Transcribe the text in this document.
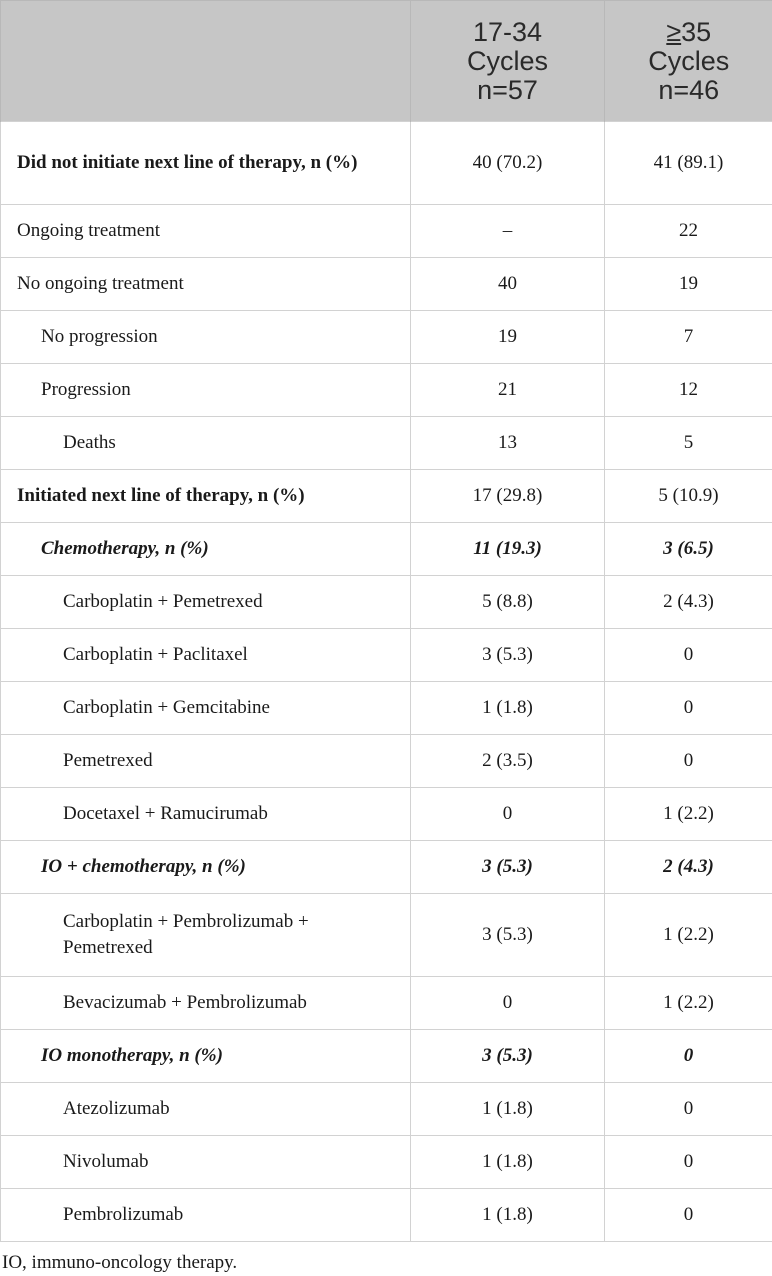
	17-34
Cycles
n=57	≥35
Cycles
n=46

Did not initiate next line of therapy, n (%)	40 (70.2)	41 (89.1)
Ongoing treatment	–	22
No ongoing treatment	40	19
No progression	19	7
Progression	21	12
Deaths	13	5
Initiated next line of therapy, n (%)	17 (29.8)	5 (10.9)
Chemotherapy, n (%)	11 (19.3)	3 (6.5)
Carboplatin + Pemetrexed	5 (8.8)	2 (4.3)
Carboplatin + Paclitaxel	3 (5.3)	0
Carboplatin + Gemcitabine	1 (1.8)	0
Pemetrexed	2 (3.5)	0
Docetaxel + Ramucirumab	0	1 (2.2)
IO + chemotherapy, n (%)	3 (5.3)	2 (4.3)

Carboplatin + Pembrolizumab + Pemetrexed	3 (5.3)	1 (2.2)
Bevacizumab + Pembrolizumab	0	1 (2.2)
IO monotherapy, n (%)	3 (5.3)	0
Atezolizumab	1 (1.8)	0
Nivolumab	1 (1.8)	0
Pembrolizumab	1 (1.8)	0
IO, immuno-oncology therapy.
